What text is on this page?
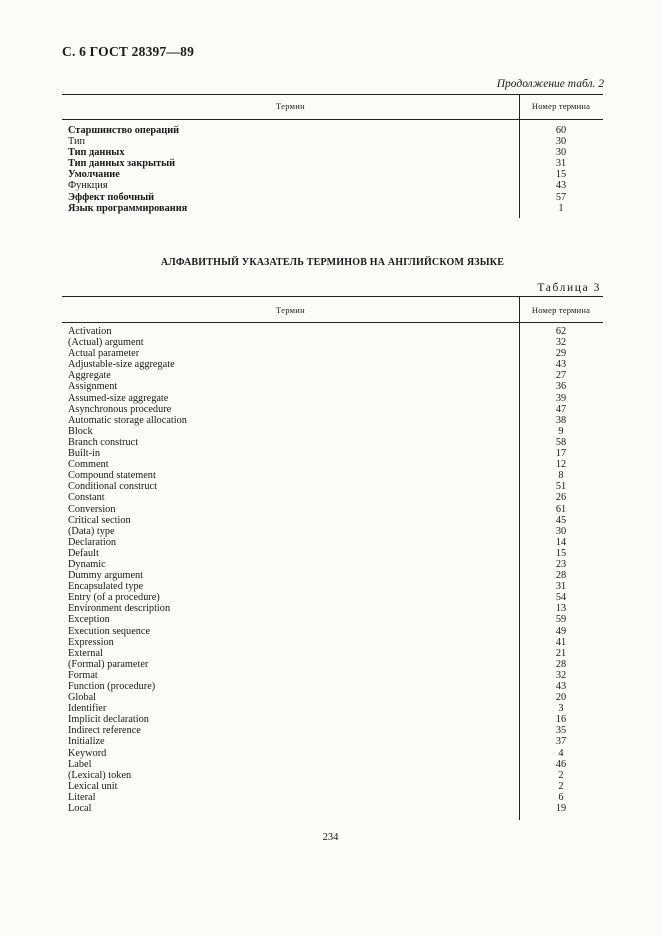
С. 6 ГОСТ 28397—89
Продолжение табл. 2
Термин	Номер термина
Старшинство операций	60
Тип	30
Тип данных	30
Тип данных закрытый	31
Умолчание	15
Функция	43
Эффект побочный	57
Язык программирования	1
АЛФАВИТНЫЙ УКАЗАТЕЛЬ ТЕРМИНОВ НА АНГЛИЙСКОМ ЯЗЫКЕ
Таблица 3
Термин	Номер термина
Activation	62
(Actual) argument	32
Actual parameter	29
Adjustable-size aggregate	43
Aggregate	27
Assignment	36
Assumed-size aggregate	39
Asynchronous procedure	47
Automatic storage allocation	38
Block	9
Branch construct	58
Built-in	17
Comment	12
Compound statement	8
Conditional construct	51
Constant	26
Conversion	61
Critical section	45
(Data) type	30
Declaration	14
Default	15
Dynamic	23
Dummy argument	28
Encapsulated type	31
Entry (of a procedure)	54
Environment description	13
Exception	59
Execution sequence	49
Expression	41
External	21
(Formal) parameter	28
Format	32
Function (procedure)	43
Global	20
Identifier	3
Implicit declaration	16
Indirect reference	35
Initialize	37
Keyword	4
Label	46
(Lexical) token	2
Lexical unit	2
Literal	6
Local	19
234
